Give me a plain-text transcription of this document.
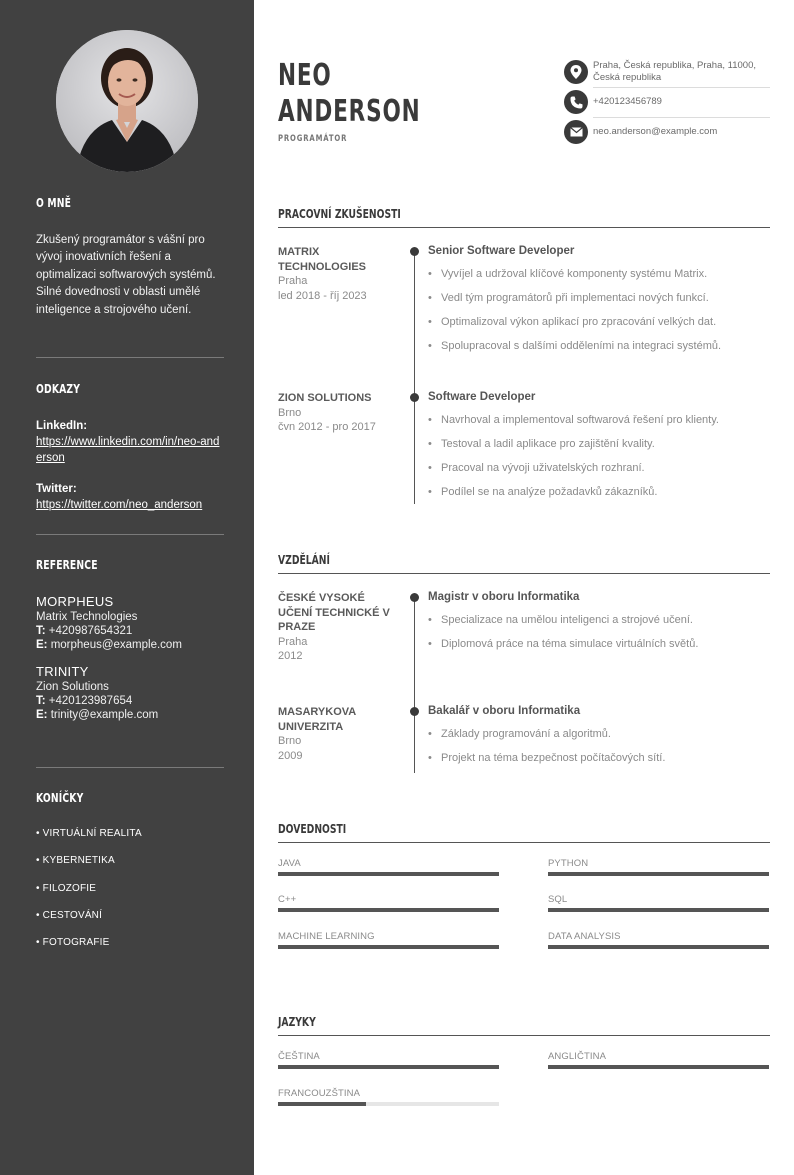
O MNĚ
Zkušený programátor s vášní pro vývoj inovativních řešení a optimalizaci softwarových systémů. Silné dovednosti v oblasti umělé inteligence a strojového učení.
ODKAZY
LinkedIn:
https://www.linkedin.com/in/neo-anderson
Twitter:
https://twitter.com/neo_anderson
REFERENCE
MORPHEUS
Matrix Technologies
T: +420987654321
E: morpheus@example.com
TRINITY
Zion Solutions
T: +420123987654
E: trinity@example.com
KONÍČKY
• VIRTUÁLNÍ REALITA
• KYBERNETIKA
• FILOZOFIE
• CESTOVÁNÍ
• FOTOGRAFIE
NEO
ANDERSON
PROGRAMÁTOR
Praha, Česká republika, Praha, 11000, Česká republika
+420123456789
neo.anderson@example.com
PRACOVNÍ ZKUŠENOSTI
MATRIX TECHNOLOGIES
Praha
led 2018 - říj 2023
Senior Software Developer
• Vyvíjel a udržoval klíčové komponenty systému Matrix.
• Vedl tým programátorů při implementaci nových funkcí.
• Optimalizoval výkon aplikací pro zpracování velkých dat.
• Spolupracoval s dalšími odděleními na integraci systémů.
ZION SOLUTIONS
Brno
čvn 2012 - pro 2017
Software Developer
• Navrhoval a implementoval softwarová řešení pro klienty.
• Testoval a ladil aplikace pro zajištění kvality.
• Pracoval na vývoji uživatelských rozhraní.
• Podílel se na analýze požadavků zákazníků.
VZDĚLÁNÍ
ČESKÉ VYSOKÉ UČENÍ TECHNICKÉ V PRAZE
Praha
2012
Magistr v oboru Informatika
• Specializace na umělou inteligenci a strojové učení.
• Diplomová práce na téma simulace virtuálních světů.
MASARYKOVA UNIVERZITA
Brno
2009
Bakalář v oboru Informatika
• Základy programování a algoritmů.
• Projekt na téma bezpečnost počítačových sítí.
DOVEDNOSTI
JAVA	PYTHON
C++	SQL
MACHINE LEARNING	DATA ANALYSIS
JAZYKY
ČEŠTINA	ANGLIČTINA
FRANCOUZŠTINA
